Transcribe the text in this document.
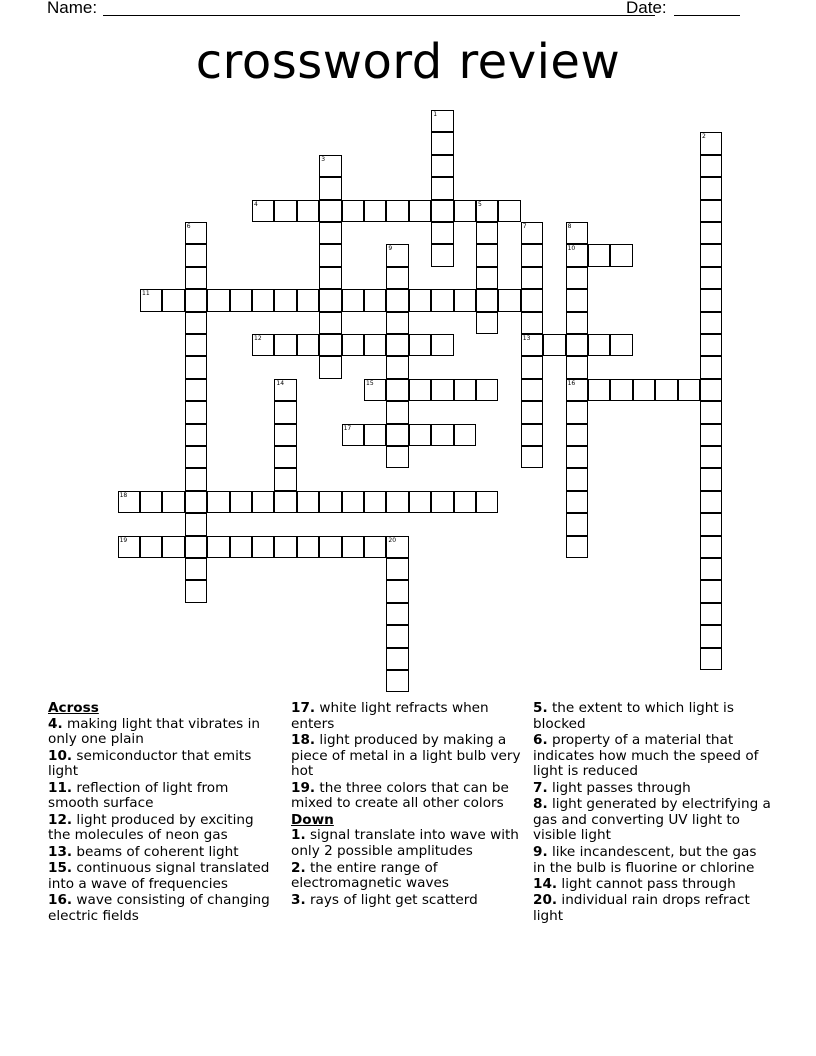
Name:	Date:
crossword review
1
2
3
4	5
6	7
13
8
10
16
9
11
12
14	15
17
18
19	20
Across
4. making light that vibrates in only one plain
10. semiconductor that emits light
11. reflection of light from smooth surface
12. light produced by exciting the molecules of neon gas
13. beams of coherent light
15. continuous signal translated into a wave of frequencies
16. wave consisting of changing electric fields
17. white light refracts when enters
18. light produced by making a piece of metal in a light bulb very hot
19. the three colors that can be mixed to create all other colors
Down
1. signal translate into wave with only 2 possible amplitudes
2. the entire range of electromagnetic waves
3. rays of light get scatterd
5. the extent to which light is blocked
6. property of a material that indicates how much the speed of light is reduced
7. light passes through
8. light generated by electrifying a gas and converting UV light to visible light
9. like incandescent, but the gas in the bulb is fluorine or chlorine
14. light cannot pass through
20. individual rain drops refract light
